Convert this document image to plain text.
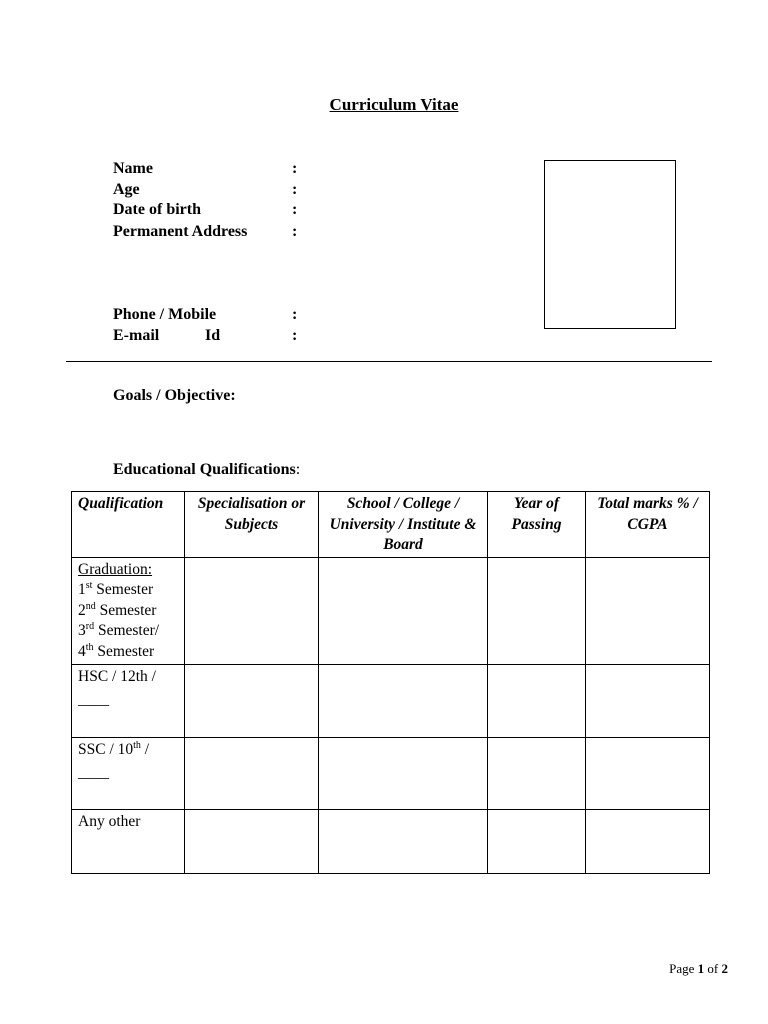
Curriculum Vitae
Name	:
Age	:
Date of birth	:
Permanent Address	:
Phone / Mobile	:
E-mail	Id	:
Goals / Objective:
Educational Qualifications:
Qualification	Specialisation or Subjects	School / College / University / Institute & Board	Year of Passing	Total marks % / CGPA
Graduation:
1st Semester
2nd Semester
3rd Semester/
4th Semester				
HSC / 12th /
____				

SSC / 10th /
____				

Any other				
Page 1 of 2
